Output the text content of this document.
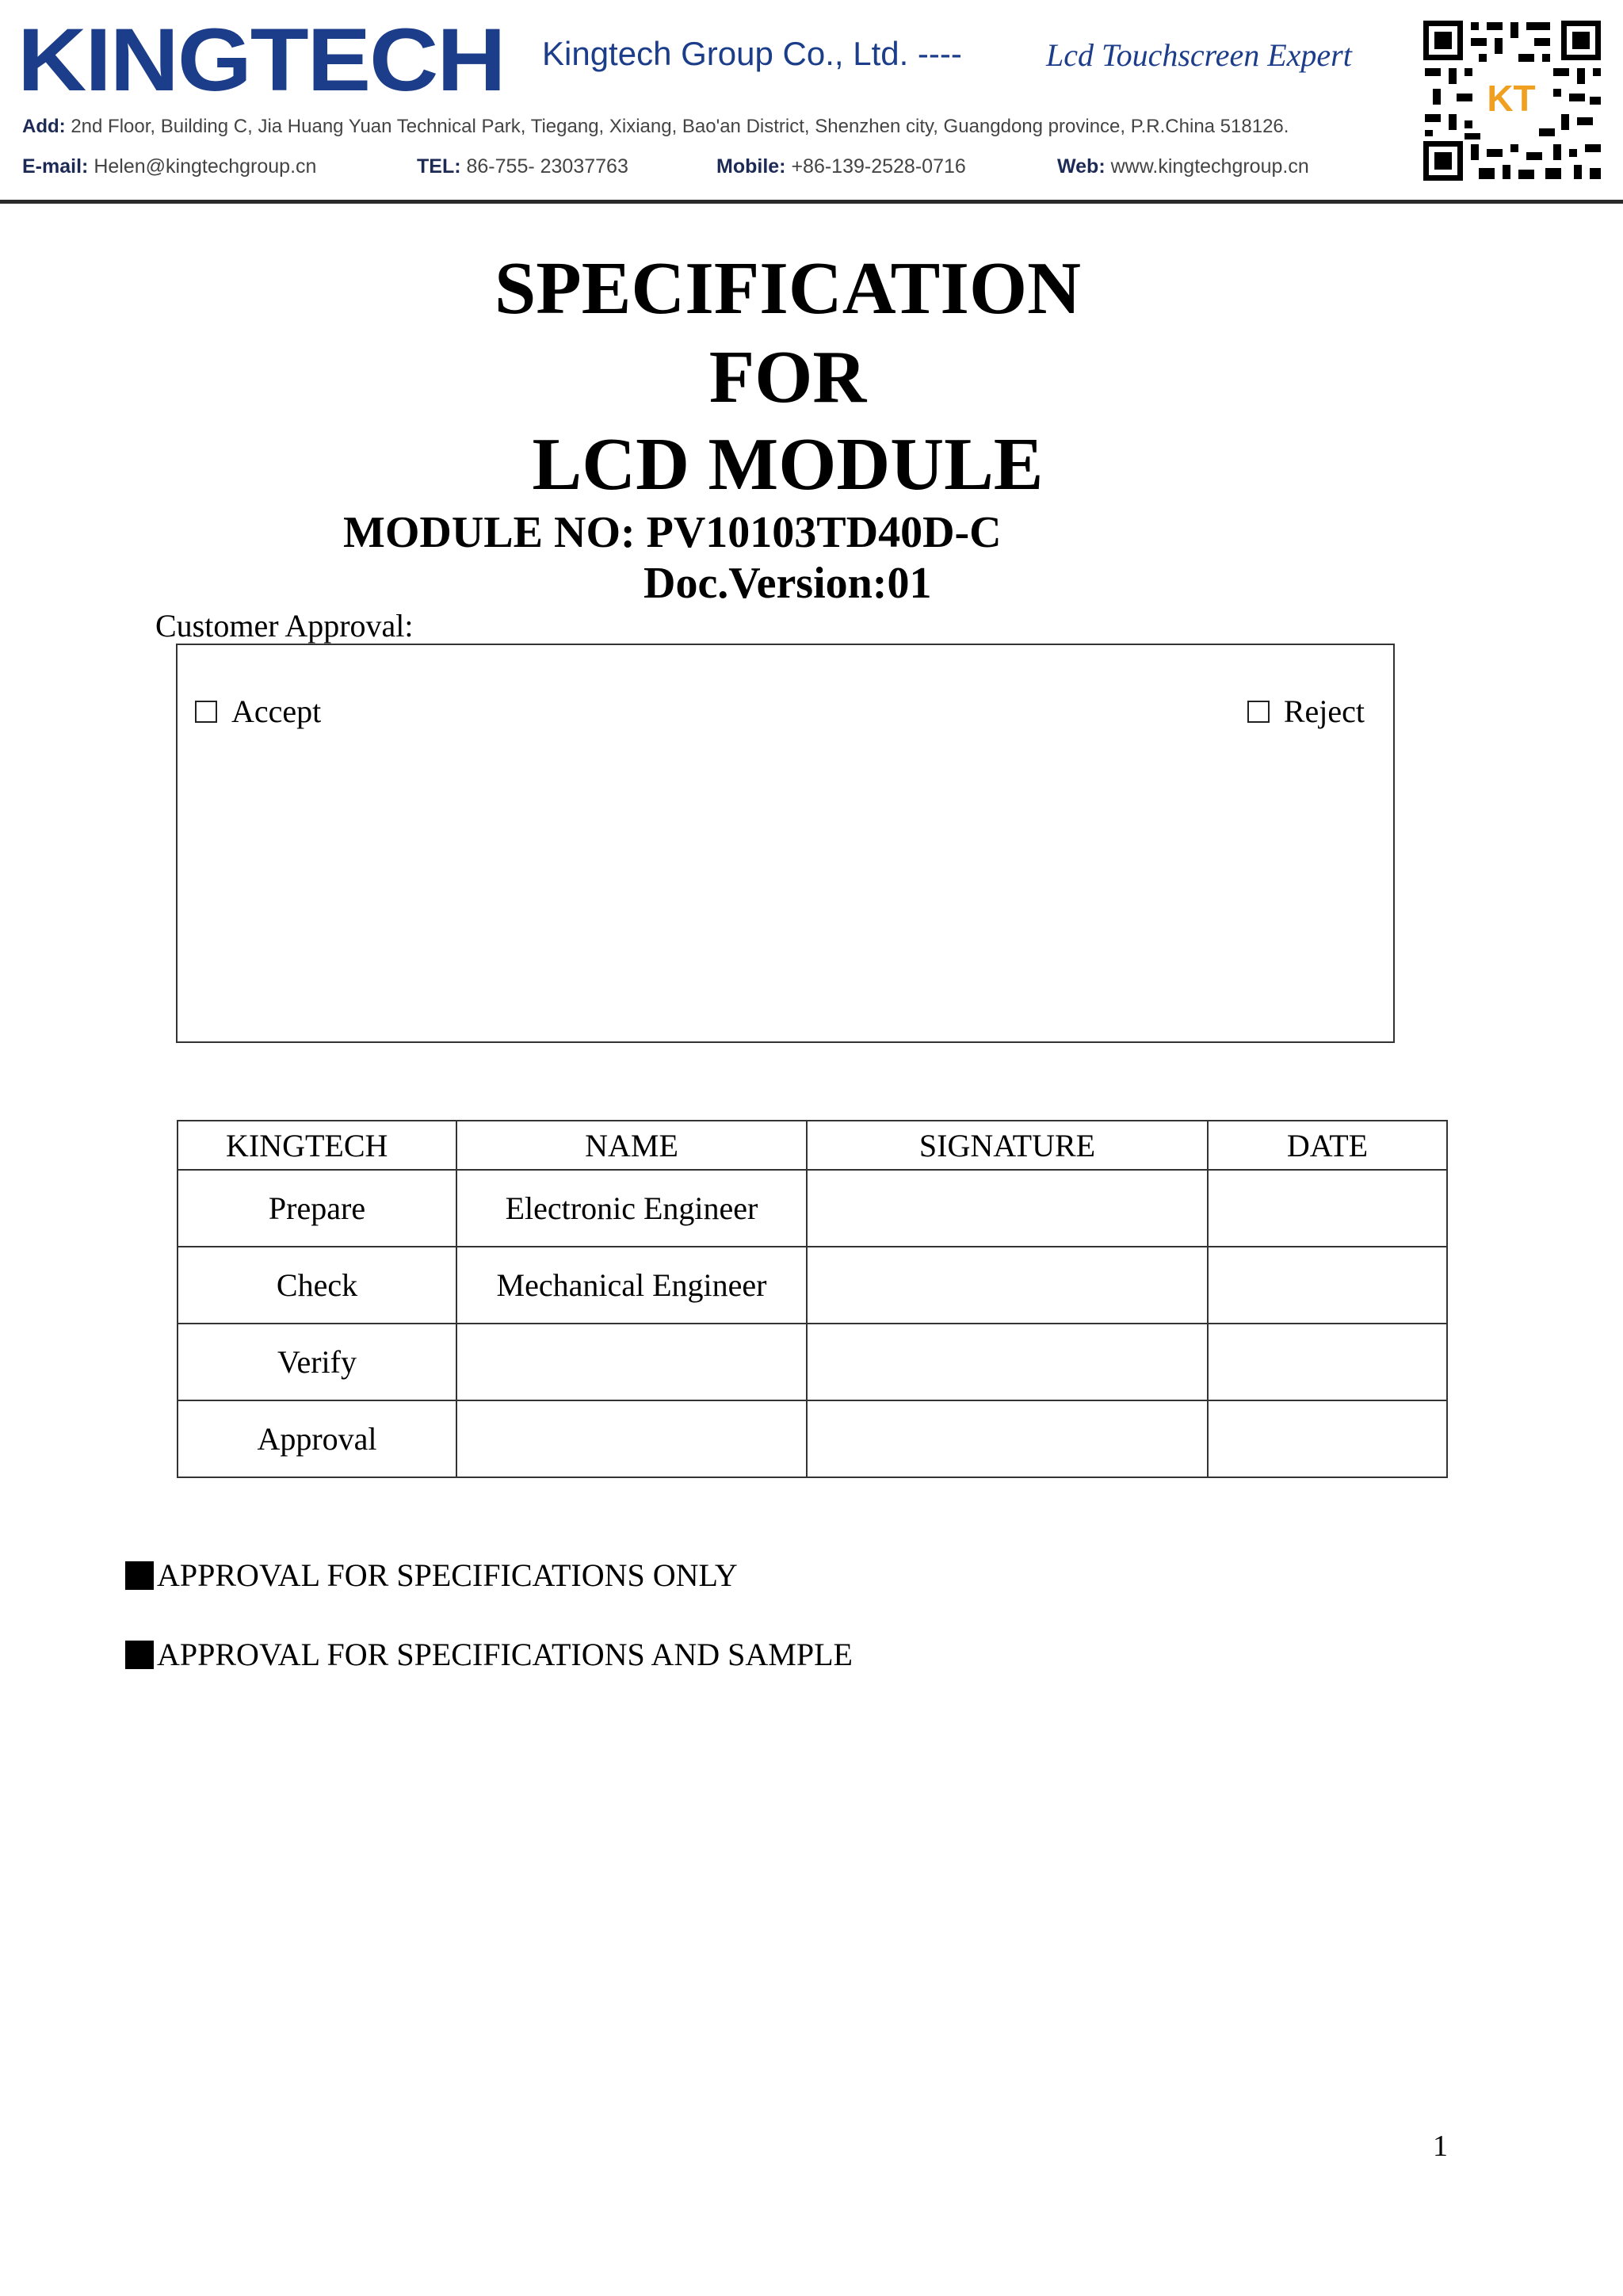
KINGTECH Kingtech Group Co., Ltd. ----	Lcd Touchscreen Expert
Add: 2nd Floor, Building C, Jia Huang Yuan Technical Park, Tiegang, Xixiang, Bao'an District, Shenzhen city, Guangdong province, P.R.China 518126.
E-mail: Helen@kingtechgroup.cn	TEL: 86-755- 23037763	Mobile: +86-139-2528-0716	Web: www.kingtechgroup.cn
KT
SPECIFICATION
FOR
LCD MODULE
MODULE NO: PV10103TD40D-C
Doc.Version:01
Customer Approval:
Accept	Reject
KINGTECH	NAME	SIGNATURE	DATE
Prepare	Electronic Engineer		
Check	Mechanical Engineer		
Verify			
Approval			
APPROVAL FOR SPECIFICATIONS ONLY
APPROVAL FOR SPECIFICATIONS AND SAMPLE
1
